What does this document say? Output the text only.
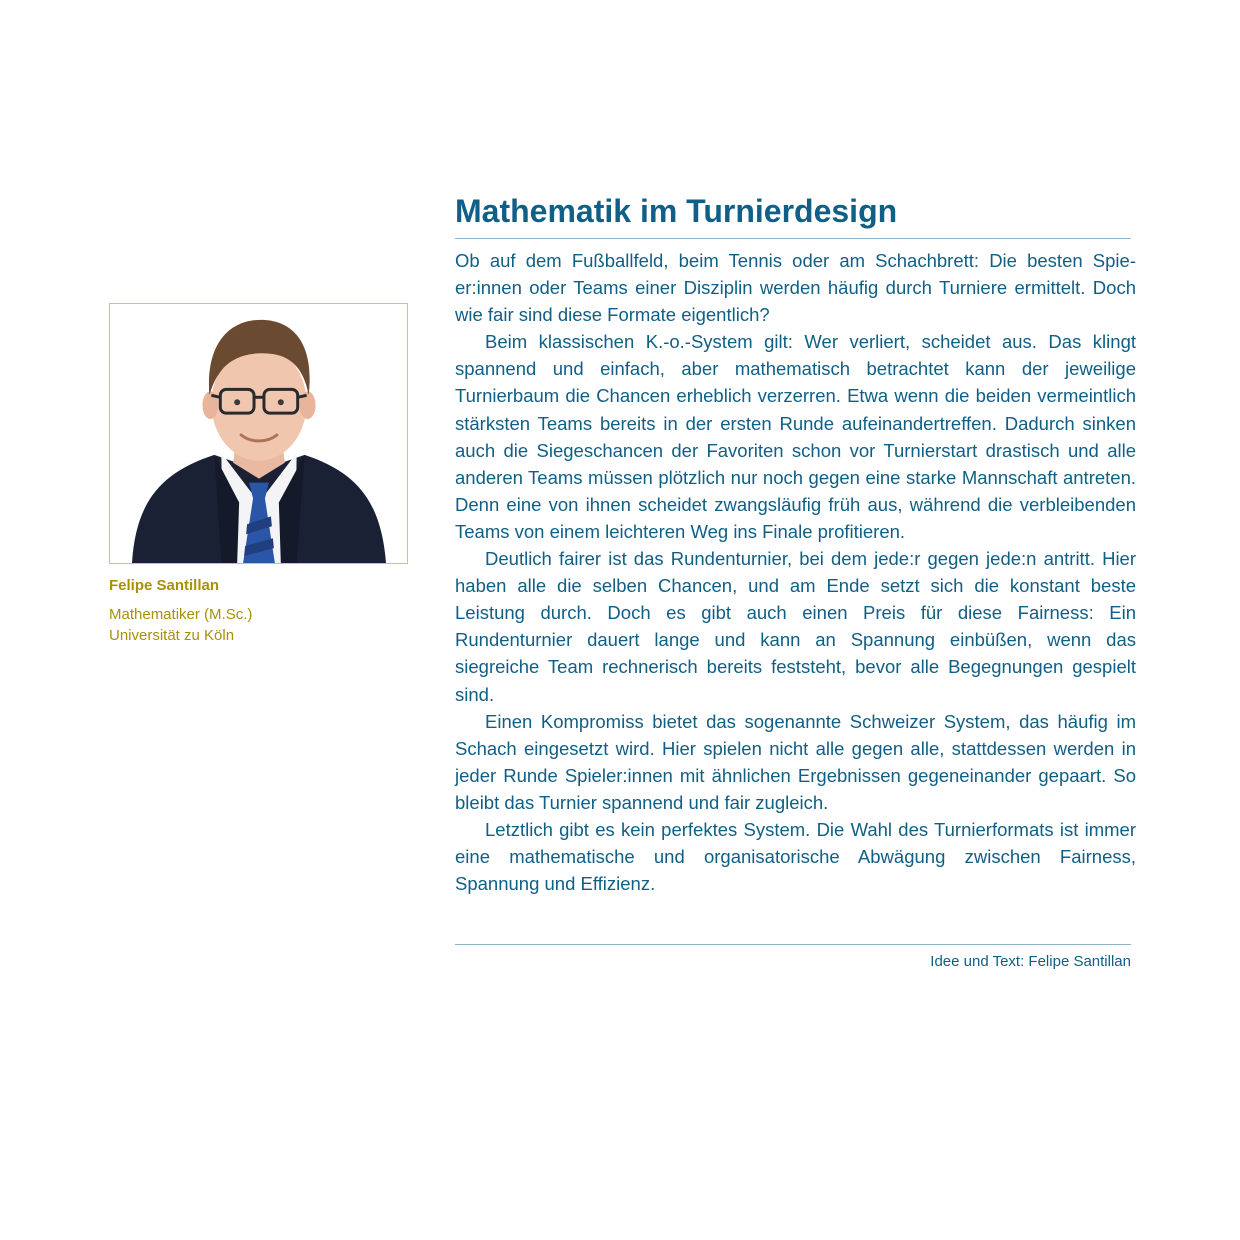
Felipe Santillan
Mathematiker (M.Sc.)
Universität zu Köln
Mathematik im Turnierdesign

Ob auf dem Fußballfeld, beim Tennis oder am Schachbrett: Die besten Spieer:innen oder Teams einer Disziplin werden häufig durch Turniere ermittelt. Doch wie fair sind diese Formate eigentlich?

Beim klassischen K.-o.-System gilt: Wer verliert, scheidet aus. Das klingt spannend und einfach, aber mathematisch betrachtet kann der jeweilige Turnierbaum die Chancen erheblich verzerren. Etwa wenn die beiden vermeintlich stärksten Teams bereits in der ersten Runde aufeinandertreffen. Dadurch sinken auch die Siegeschancen der Favoriten schon vor Turnierstart drastisch und alle anderen Teams müssen plötzlich nur noch gegen eine starke Mannschaft antreten. Denn eine von ihnen scheidet zwangsläufig früh aus, während die verbleibenden Teams von einem leichteren Weg ins Finale profitieren.

Deutlich fairer ist das Rundenturnier, bei dem jede:r gegen jede:n antritt. Hier haben alle die selben Chancen, und am Ende setzt sich die konstant beste Leistung durch. Doch es gibt auch einen Preis für diese Fairness: Ein Rundenturnier dauert lange und kann an Spannung einbüßen, wenn das siegreiche Team rechnerisch bereits feststeht, bevor alle Begegnungen gespielt sind.

Einen Kompromiss bietet das sogenannte Schweizer System, das häufig im Schach eingesetzt wird. Hier spielen nicht alle gegen alle, stattdessen werden in jeder Runde Spieler:innen mit ähnlichen Ergebnissen gegeneinander gepaart. So bleibt das Turnier spannend und fair zugleich.

Letztlich gibt es kein perfektes System. Die Wahl des Turnierformats ist immer eine mathematische und organisatorische Abwägung zwischen Fairness, Spannung und Effizienz.

Idee und Text: Felipe Santillan
